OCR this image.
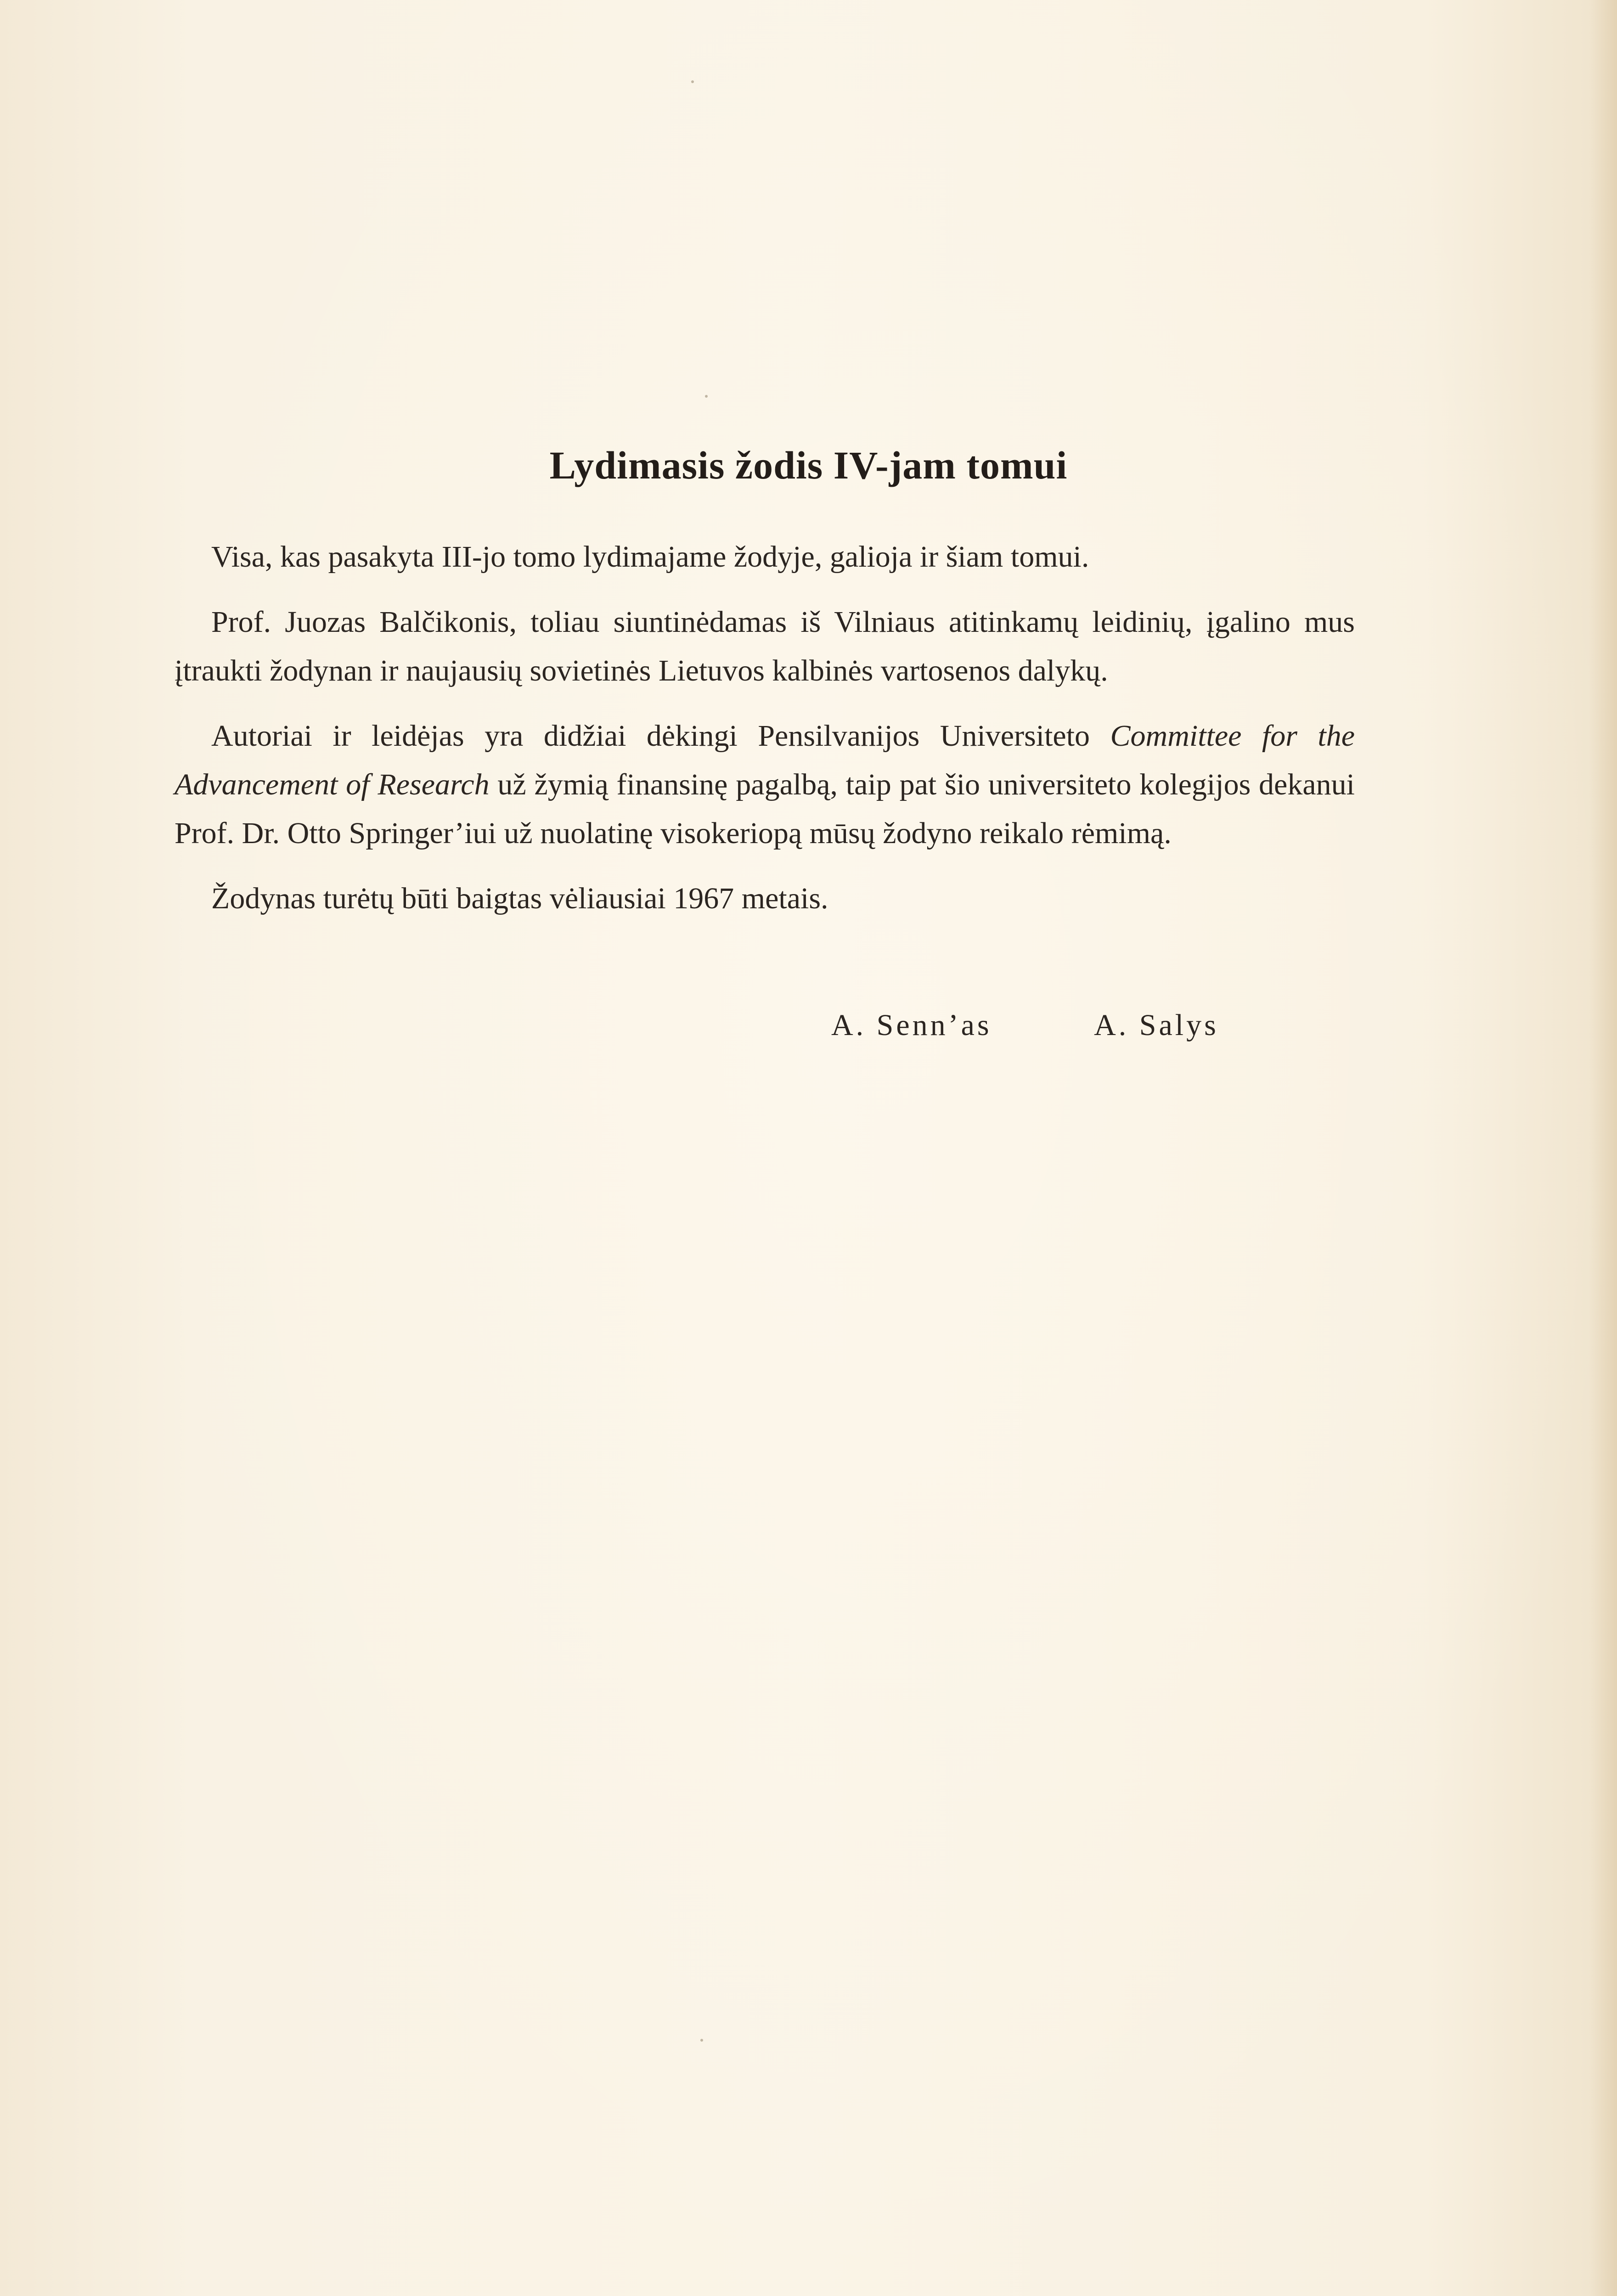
Lydimasis žodis IV-jam tomui

Visa, kas pasakyta III-jo tomo lydimajame žodyje, galioja ir šiam tomui.

Prof. Juozas Balčikonis, toliau siuntinėdamas iš Vilniaus atitinkamų leidinių, įgalino mus įtraukti žodynan ir naujausių sovietinės Lietuvos kalbinės vartosenos dalykų.

Autoriai ir leidėjas yra didžiai dėkingi Pensilvanijos Universiteto Committee for the Advancement of Research už žymią finansinę pagalbą, taip pat šio universiteto kolegijos dekanui Prof. Dr. Otto Springer’iui už nuolatinę visokeriopą mūsų žodyno reikalo rėmimą.

Žodynas turėtų būti baigtas vėliausiai 1967 metais.

A. Senn’as	A. Salys
